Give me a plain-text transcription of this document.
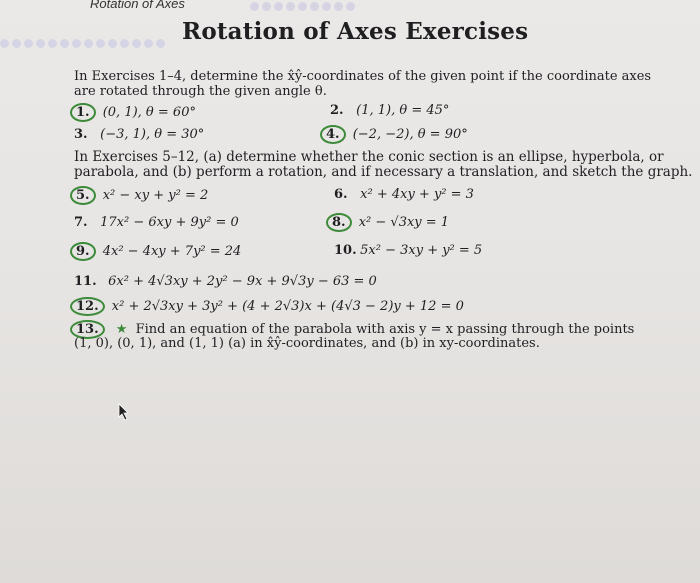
Rotation of Axes
Rotation of Axes Exercises
In Exercises 1–4, determine the x̂ŷ-coordinates of the given point if the coordinate axes
are rotated through the given angle θ.
1. (0, 1), θ = 60°	2. (1, 1), θ = 45°
3. (−3, 1), θ = 30°	4. (−2, −2), θ = 90°
In Exercises 5–12, (a) determine whether the conic section is an ellipse, hyperbola, or
parabola, and (b) perform a rotation, and if necessary a translation, and sketch the graph.
5. x² − xy + y² = 2	6. x² + 4xy + y² = 3
7. 17x² − 6xy + 9y² = 0	8. x² − √3xy = 1
9. 4x² − 4xy + 7y² = 24	10. 5x² − 3xy + y² = 5
11. 6x² + 4√3xy + 2y² − 9x + 9√3y − 63 = 0
12. x² + 2√3xy + 3y² + (4 + 2√3)x + (4√3 − 2)y + 12 = 0
13. ★ Find an equation of the parabola with axis y = x passing through the points
(1, 0), (0, 1), and (1, 1) (a) in x̂ŷ-coordinates, and (b) in xy-coordinates.
